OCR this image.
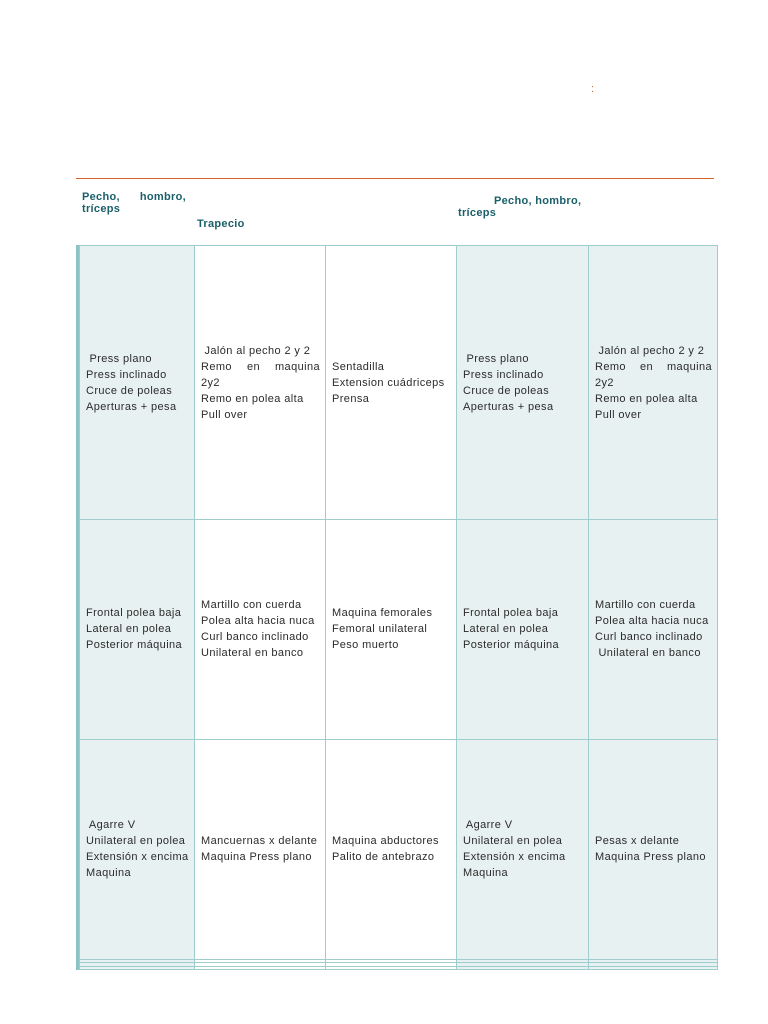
:
Pecho, hombro,
tríceps
Trapecio
Pecho, hombro,
tríceps
Press plano
Press inclinado
Cruce de poleas
Aperturas + pesa	Jalón al pecho 2 y 2
Remo en maquina
2y2
Remo en polea alta
Pull over	Sentadilla
Extension cuádriceps
Prensa	Press plano
Press inclinado
Cruce de poleas
Aperturas + pesa	Jalón al pecho 2 y 2
Remo en maquina
2y2
Remo en polea alta
Pull over

Frontal polea baja
Lateral en polea
Posterior máquina	Martillo con cuerda
Polea alta hacia nuca
Curl banco inclinado
Unilateral en banco	Maquina femorales
Femoral unilateral
Peso muerto	Frontal polea baja
Lateral en polea
Posterior máquina	Martillo con cuerda
Polea alta hacia nuca
Curl banco inclinado
Unilateral en banco

Agarre V
Unilateral en polea
Extensión x encima
Maquina	Mancuernas x delante
Maquina Press plano	Maquina abductores
Palito de antebrazo	Agarre V
Unilateral en polea
Extensión x encima
Maquina	Pesas x delante
Maquina Press plano
